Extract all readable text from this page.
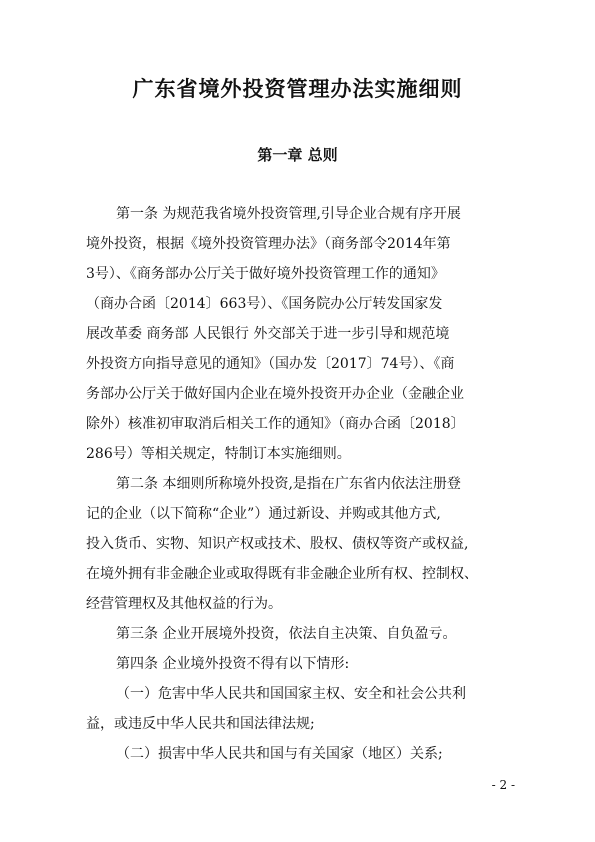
广东省境外投资管理办法实施细则
第一章 总则
第一条 为规范我省境外投资管理,引导企业合规有序开展
境外投资，根据《境外投资管理办法》（商务部令2014年第
3号）、《商务部办公厅关于做好境外投资管理工作的通知》
（商办合函〔2014〕663号）、《国务院办公厅转发国家发
展改革委 商务部 人民银行 外交部关于进一步引导和规范境
外投资方向指导意见的通知》（国办发〔2017〕74号）、《商
务部办公厅关于做好国内企业在境外投资开办企业（金融企业
除外）核准初审取消后相关工作的通知》（商办合函〔2018〕
286号）等相关规定，特制订本实施细则。
第二条 本细则所称境外投资,是指在广东省内依法注册登
记的企业（以下简称“企业”）通过新设、并购或其他方式,
投入货币、实物、知识产权或技术、股权、债权等资产或权益,
在境外拥有非金融企业或取得既有非金融企业所有权、控制权、
经营管理权及其他权益的行为。
第三条 企业开展境外投资，依法自主决策、自负盈亏。
第四条 企业境外投资不得有以下情形:
（一）危害中华人民共和国国家主权、安全和社会公共利
益，或违反中华人民共和国法律法规;
（二）损害中华人民共和国与有关国家（地区）关系;
- 2 -
